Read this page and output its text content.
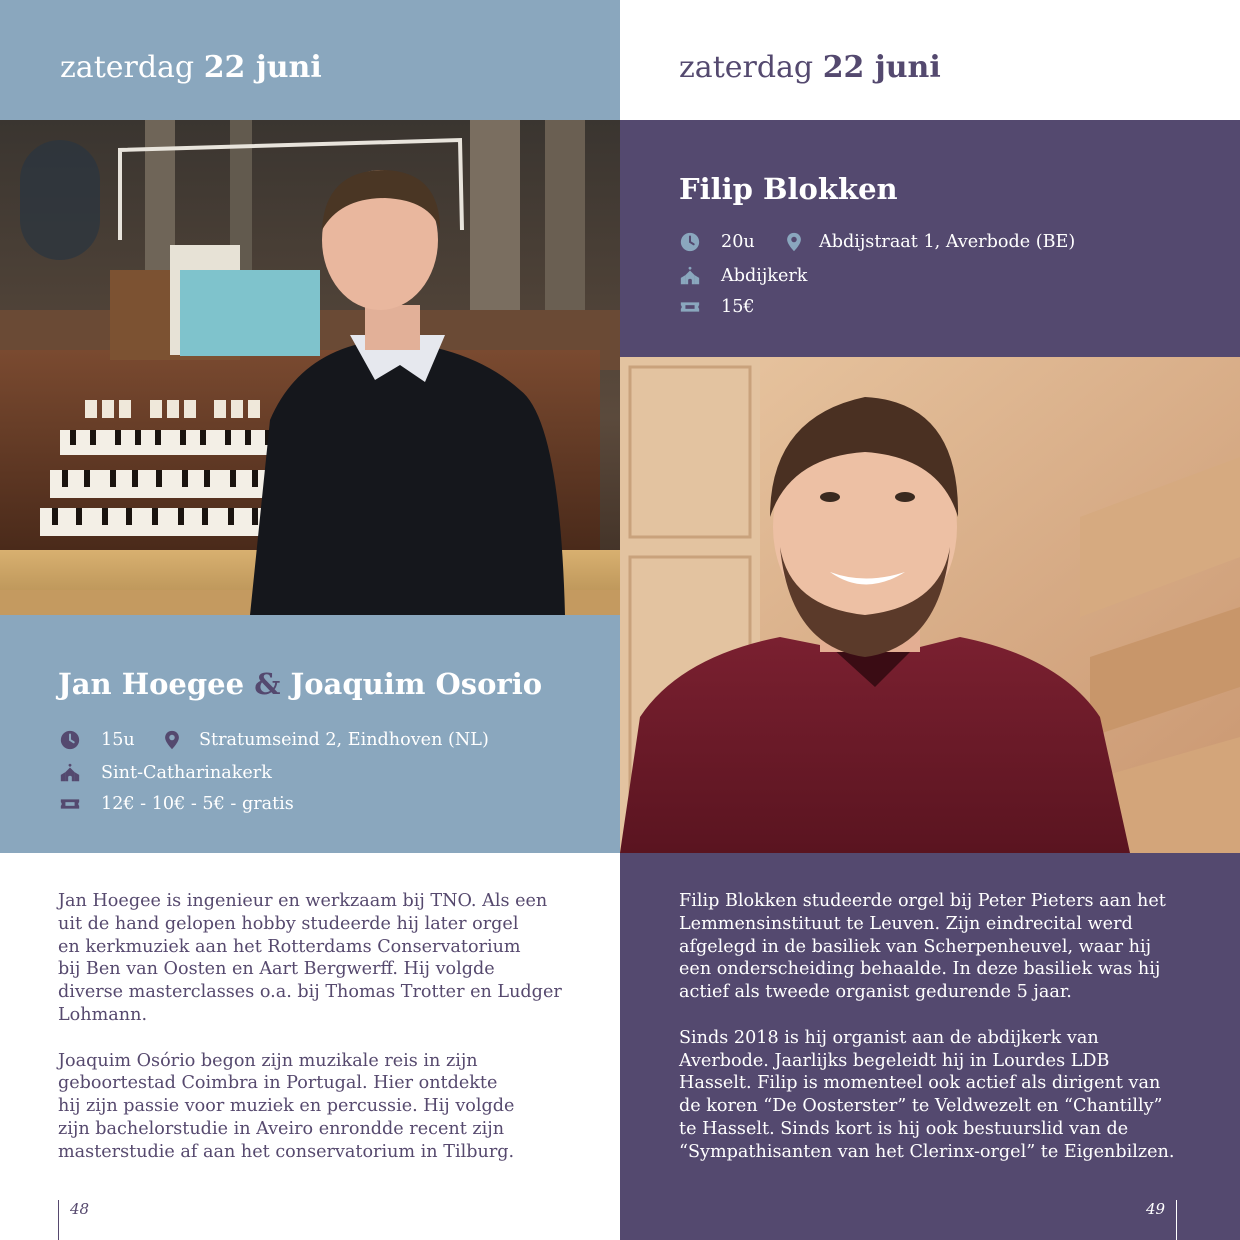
zaterdag 22 juni
Jan Hoegee & Joaquim Osorio
15u	Stratumseind 2, Eindhoven (NL)
Sint-Catharinakerk
12€ - 10€ - 5€ - gratis

Jan Hoegee is ingenieur en werkzaam bij TNO. Als een
uit de hand gelopen hobby studeerde hij later orgel
en kerkmuziek aan het Rotterdams Conservatorium
bij Ben van Oosten en Aart Bergwerff. Hij volgde
diverse masterclasses o.a. bij Thomas Trotter en Ludger
Lohmann.

Joaquim Osório begon zijn muzikale reis in zijn
geboortestad Coimbra in Portugal. Hier ontdekte
hij zijn passie voor muziek en percussie. Hij volgde
zijn bachelorstudie in Aveiro enrondde recent zijn
masterstudie af aan het conservatorium in Tilburg.

48
zaterdag 22 juni
Filip Blokken
20u	Abdijstraat 1, Averbode (BE)
Abdijkerk
15€

Filip Blokken studeerde orgel bij Peter Pieters aan het
Lemmensinstituut te Leuven. Zijn eindrecital werd
afgelegd in de basiliek van Scherpenheuvel, waar hij
een onderscheiding behaalde. In deze basiliek was hij
actief als tweede organist gedurende 5 jaar.

Sinds 2018 is hij organist aan de abdijkerk van
Averbode. Jaarlijks begeleidt hij in Lourdes LDB
Hasselt. Filip is momenteel ook actief als dirigent van
de koren “De Oosterster” te Veldwezelt en “Chantilly”
te Hasselt. Sinds kort is hij ook bestuurslid van de
“Sympathisanten van het Clerinx-orgel” te Eigenbilzen.

49
